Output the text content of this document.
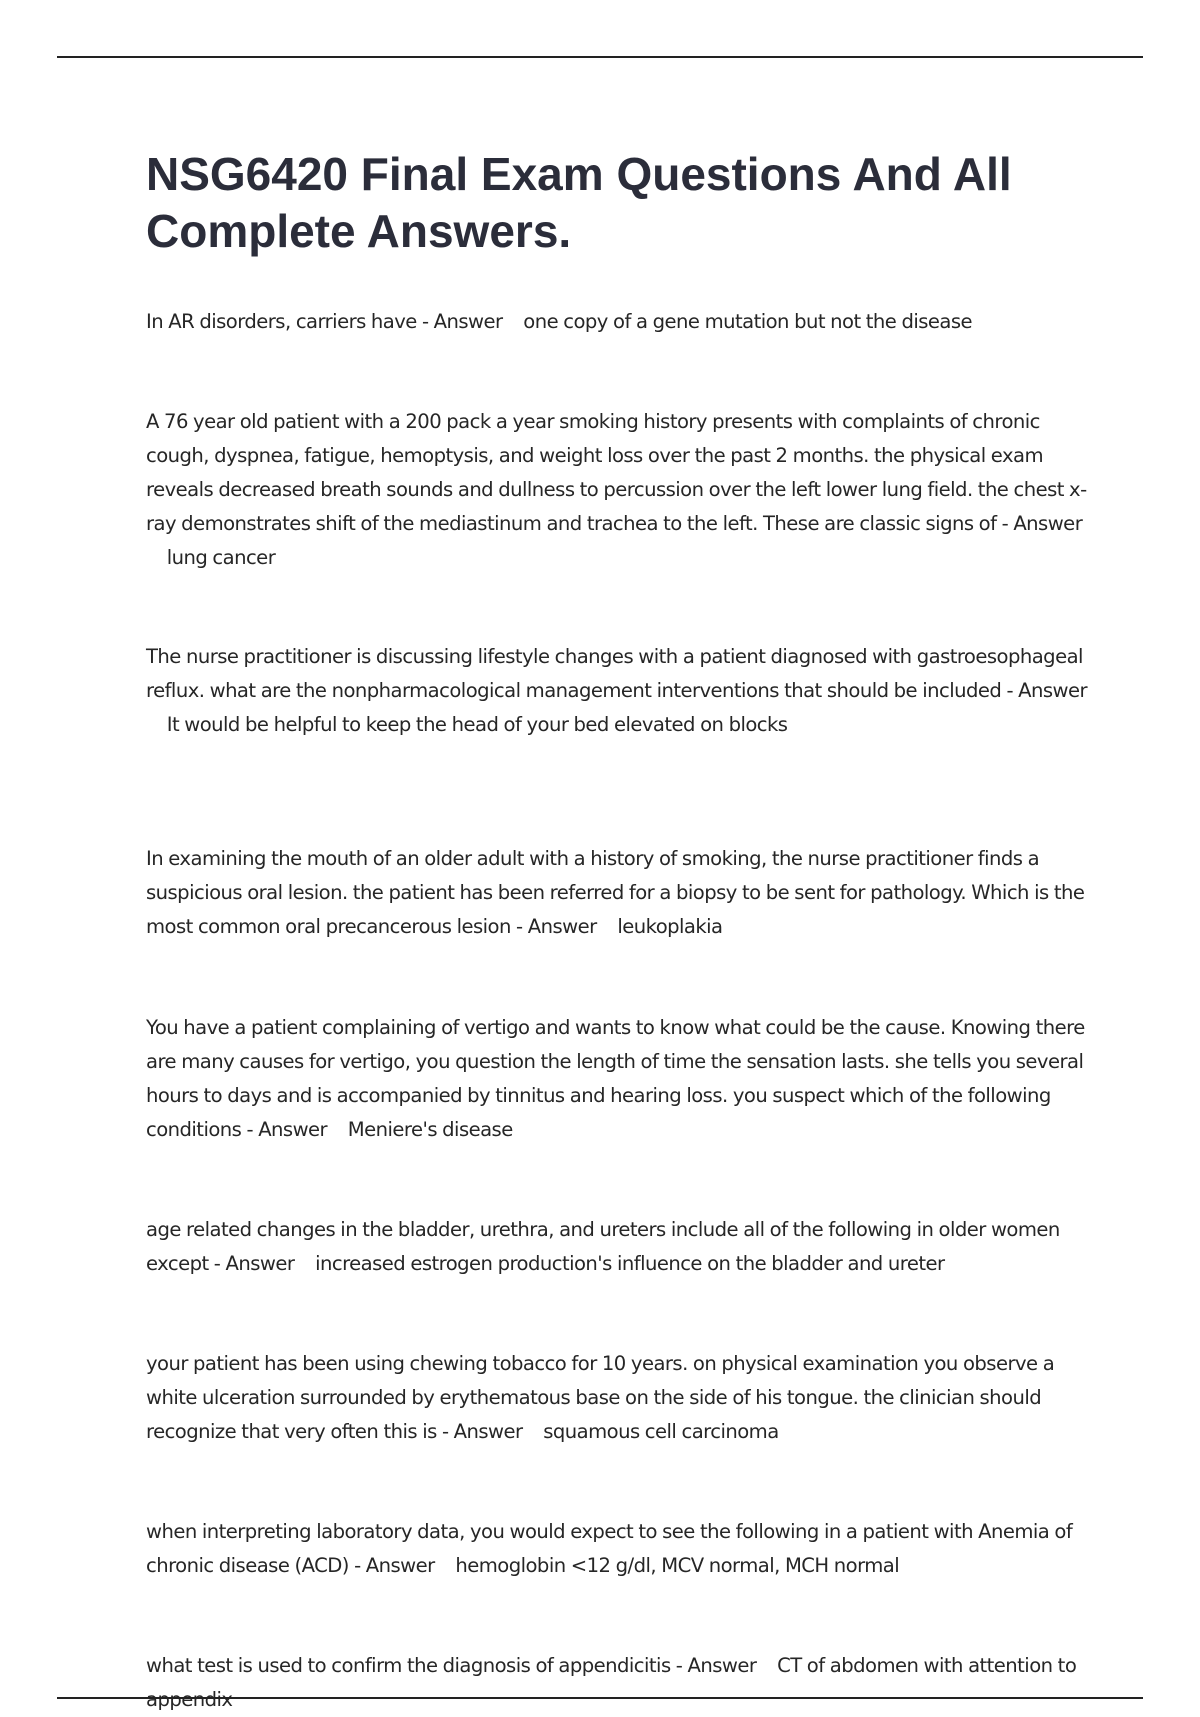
NSG6420 Final Exam Questions And All Complete Answers.

In AR disorders, carriers have - Answer one copy of a gene mutation but not the disease

A 76 year old patient with a 200 pack a year smoking history presents with complaints of chronic cough, dyspnea, fatigue, hemoptysis, and weight loss over the past 2 months. the physical exam reveals decreased breath sounds and dullness to percussion over the left lower lung field. the chest x-ray demonstrates shift of the mediastinum and trachea to the left. These are classic signs of - Answer    lung cancer

The nurse practitioner is discussing lifestyle changes with a patient diagnosed with gastroesophageal reflux. what are the nonpharmacological management interventions that should be included - Answer    It would be helpful to keep the head of your bed elevated on blocks

In examining the mouth of an older adult with a history of smoking, the nurse practitioner finds a suspicious oral lesion. the patient has been referred for a biopsy to be sent for pathology. Which is the most common oral precancerous lesion - Answer leukoplakia

You have a patient complaining of vertigo and wants to know what could be the cause. Knowing there are many causes for vertigo, you question the length of time the sensation lasts. she tells you several hours to days and is accompanied by tinnitus and hearing loss. you suspect which of the following conditions - Answer Meniere's disease

age related changes in the bladder, urethra, and ureters include all of the following in older women except - Answer increased estrogen production's influence on the bladder and ureter

your patient has been using chewing tobacco for 10 years. on physical examination you observe a white ulceration surrounded by erythematous base on the side of his tongue. the clinician should recognize that very often this is - Answer squamous cell carcinoma

when interpreting laboratory data, you would expect to see the following in a patient with Anemia of chronic disease (ACD) - Answer hemoglobin <12 g/dl, MCV normal, MCH normal

what test is used to confirm the diagnosis of appendicitis - Answer CT of abdomen with attention to appendix
